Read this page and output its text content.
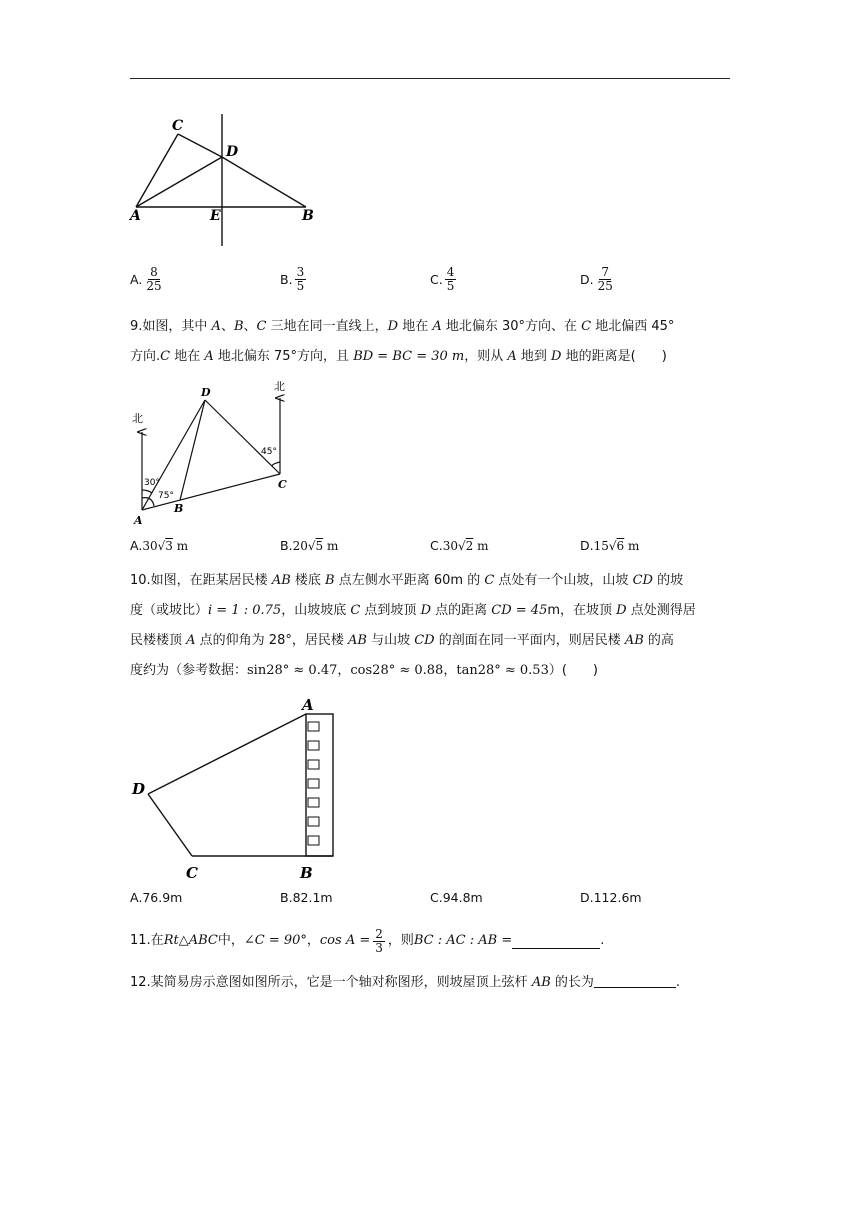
C
D
A	E	B
A. $\frac{8}{25}$	B. $\frac{3}{5}$	C. $\frac{4}{5}$	D. $\frac{7}{25}$
9.如图，其中 A、B、C 三地在同一直线上，D 地在 A 地北偏东 30°方向、在 C 地北偏西 45°
方向.C 地在 A 地北偏东 75°方向，且 BD = BC = 30 m，则从 A 地到 D 地的距离是(　　)
北
北
30°
75°
45°
D
A
B
C
A. 30√3 m	B. 20√5 m	C. 30√2 m	D. 15√6 m
10.如图，在距某居民楼 AB 楼底 B 点左侧水平距离 60m 的 C 点处有一个山坡，山坡 CD 的坡
度（或坡比）i = 1 : 0.75，山坡坡底 C 点到坡顶 D 点的距离 CD = 45m，在坡顶 D 点处测得居
民楼楼顶 A 点的仰角为 28°，居民楼 AB 与山坡 CD 的剖面在同一平面内，则居民楼 AB 的高
度约为（参考数据：sin28° ≈ 0.47，cos28° ≈ 0.88，tan28° ≈ 0.53）(　　)
A
D
C	B
A. 76.9m	B. 82.1m	C. 94.8m	D. 112.6m
11.在 Rt△ABC 中， ∠C = 90° ， $\cos A = \frac{2}{3}$ ，则 BC : AC : AB =	.
12.某简易房示意图如图所示，它是一个轴对称图形，则坡屋顶上弦杆 AB 的长为	.
